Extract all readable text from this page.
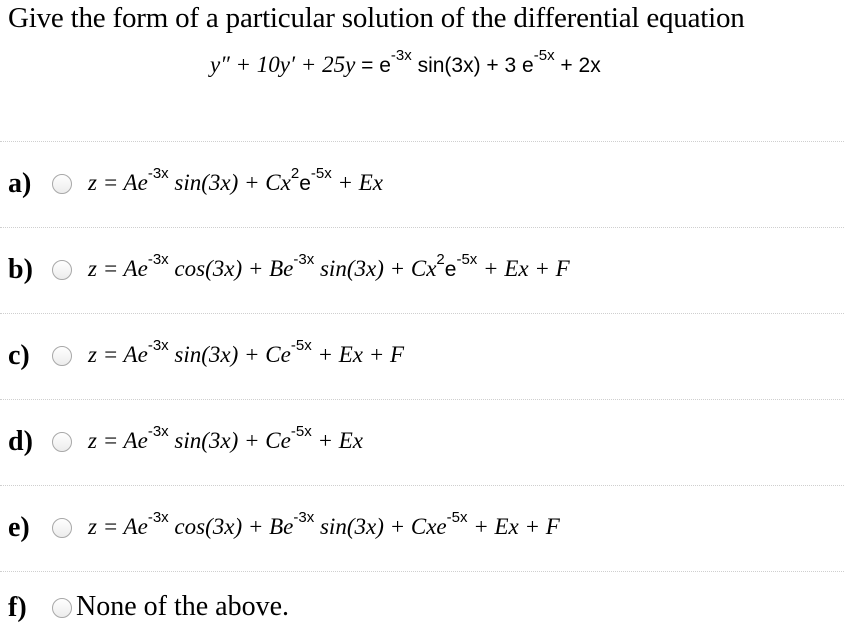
Give the form of a particular solution of the differential equation
$y'' + 10y' + 25y = e^{-3x}$ sin(3x) + 3 $e^{-5x} + 2x$
a) $z = Ae^{-3x}$ $\sin(3x) + Cx^2e^{-5x} + Ex$
b) $z = Ae^{-3x}$ $\cos(3x) + Be^{-3x}$ $\sin(3x) + Cx^2e^{-5x} + Ex + F$
c)	$z = Ae^{-3x}$ $\sin(3x) + Ce^{-5x} + Ex + F$
d) $z = Ae^{-3x}$ $\sin(3x) + Ce^{-5x} + Ex$
e)	$z = Ae^{-3x}$ $\cos(3x) + Be^{-3x}$ sin(3x) + Cxe$^{-5x}$ + Ex + F
f) None of the above.
